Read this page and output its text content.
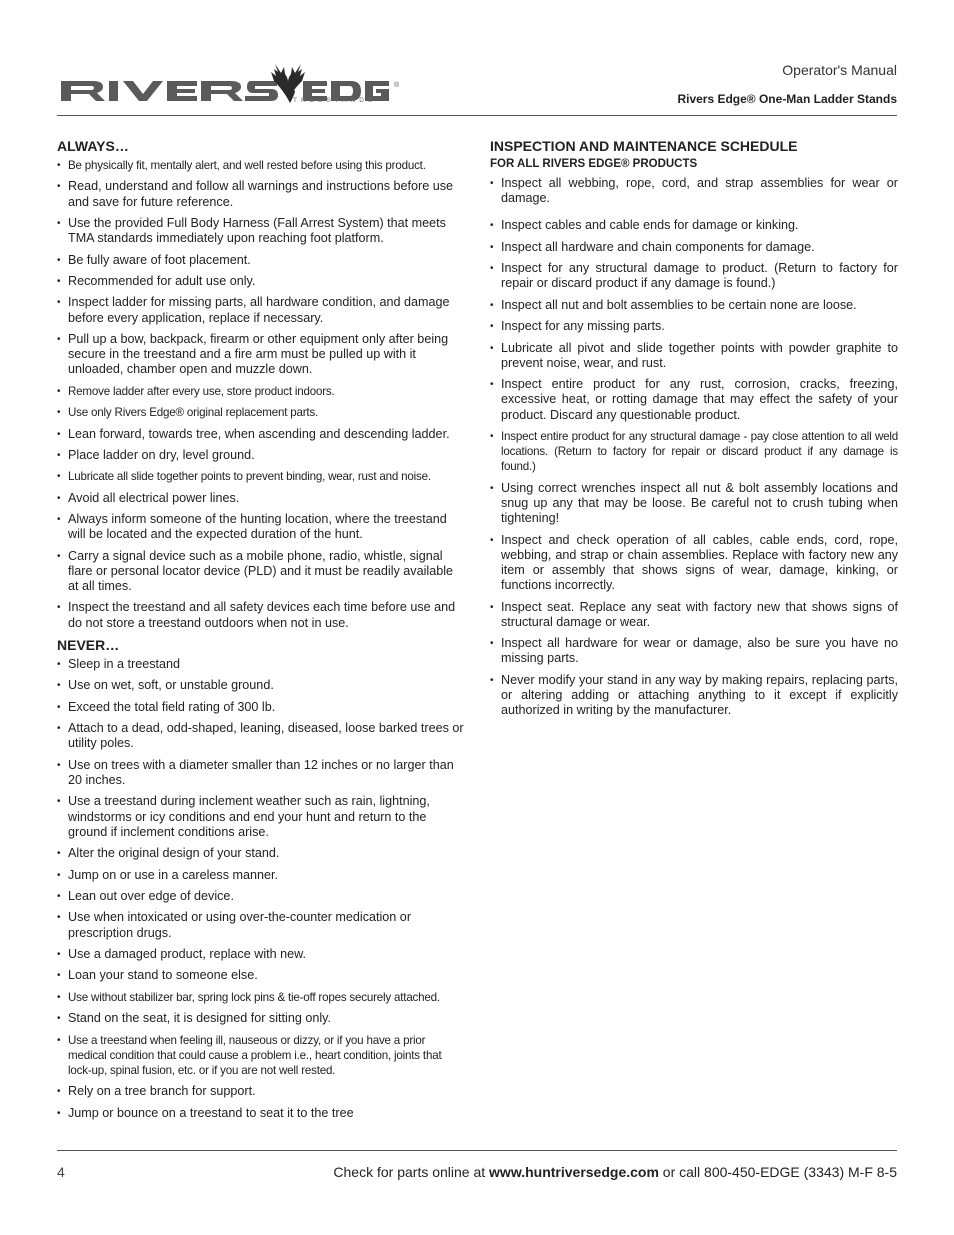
®
TREESTANDS
Operator's Manual
Rivers Edge® One-Man Ladder Stands
ALWAYS…
• Be physically fit, mentally alert, and well rested before using this product.
• Read, understand and follow all warnings and instructions before use and save for future reference.
• Use the provided Full Body Harness (Fall Arrest System) that meets TMA standards immediately upon reaching foot platform.
• Be fully aware of foot placement.
• Recommended for adult use only.
• Inspect ladder for missing parts, all hardware condition, and damage before every application, replace if necessary.
• Pull up a bow, backpack, firearm or other equipment only after being secure in the treestand and a fire arm must be pulled up with it unloaded, chamber open and muzzle down.
• Remove ladder after every use, store product indoors.
• Use only Rivers Edge® original replacement parts.
• Lean forward, towards tree, when ascending and descending ladder.
• Place ladder on dry, level ground.
• Lubricate all slide together points to prevent binding, wear, rust and noise.
• Avoid all electrical power lines.
• Always inform someone of the hunting location, where the treestand will be located and the expected duration of the hunt.
• Carry a signal device such as a mobile phone, radio, whistle, signal flare or personal locator device (PLD) and it must be readily available at all times.
• Inspect the treestand and all safety devices each time before use and do not store a treestand outdoors when not in use.
NEVER…
• Sleep in a treestand
• Use on wet, soft, or unstable ground.
• Exceed the total field rating of 300 lb.
• Attach to a dead, odd-shaped, leaning, diseased, loose barked trees or utility poles.
• Use on trees with a diameter smaller than 12 inches or no larger than 20 inches.
• Use a treestand during inclement weather such as rain, lightning, windstorms or icy conditions and end your hunt and return to the ground if inclement conditions arise.
• Alter the original design of your stand.
• Jump on or use in a careless manner.
• Lean out over edge of device.
• Use when intoxicated or using over-the-counter medication or prescription drugs.
• Use a damaged product, replace with new.
• Loan your stand to someone else.
• Use without stabilizer bar, spring lock pins & tie-off ropes securely attached.
• Stand on the seat, it is designed for sitting only.
• Use a treestand when feeling ill, nauseous or dizzy, or if you have a prior medical condition that could cause a problem i.e., heart condition, joints that lock-up, spinal fusion, etc. or if you are not well rested.
• Rely on a tree branch for support.
• Jump or bounce on a treestand to seat it to the tree
INSPECTION AND MAINTENANCE SCHEDULE
FOR ALL RIVERS EDGE® PRODUCTS
• Inspect all webbing, rope, cord, and strap assemblies for wear or damage.
• Inspect cables and cable ends for damage or kinking.
• Inspect all hardware and chain components for damage.
• Inspect for any structural damage to product. (Return to factory for repair or discard product if any damage is found.)
• Inspect all nut and bolt assemblies to be certain none are loose.
• Inspect for any missing parts.
• Lubricate all pivot and slide together points with powder graphite to prevent noise, wear, and rust.
• Inspect entire product for any rust, corrosion, cracks, freezing, excessive heat, or rotting damage that may effect the safety of your product. Discard any questionable product.
• Inspect entire product for any structural damage - pay close attention to all weld locations. (Return to factory for repair or discard product if any damage is found.)
• Using correct wrenches inspect all nut & bolt assembly locations and snug up any that may be loose. Be careful not to crush tubing when tightening!
• Inspect and check operation of all cables, cable ends, cord, rope, webbing, and strap or chain assemblies. Replace with factory new any item or assembly that shows signs of wear, damage, kinking, or functions incorrectly.
• Inspect seat. Replace any seat with factory new that shows signs of structural damage or wear.
• Inspect all hardware for wear or damage, also be sure you have no missing parts.
• Never modify your stand in any way by making repairs, replacing parts, or altering adding or attaching anything to it except if explicitly authorized in writing by the manufacturer.
4	Check for parts online at www.huntriversedge.com or call 800-450-EDGE (3343) M-F 8-5
